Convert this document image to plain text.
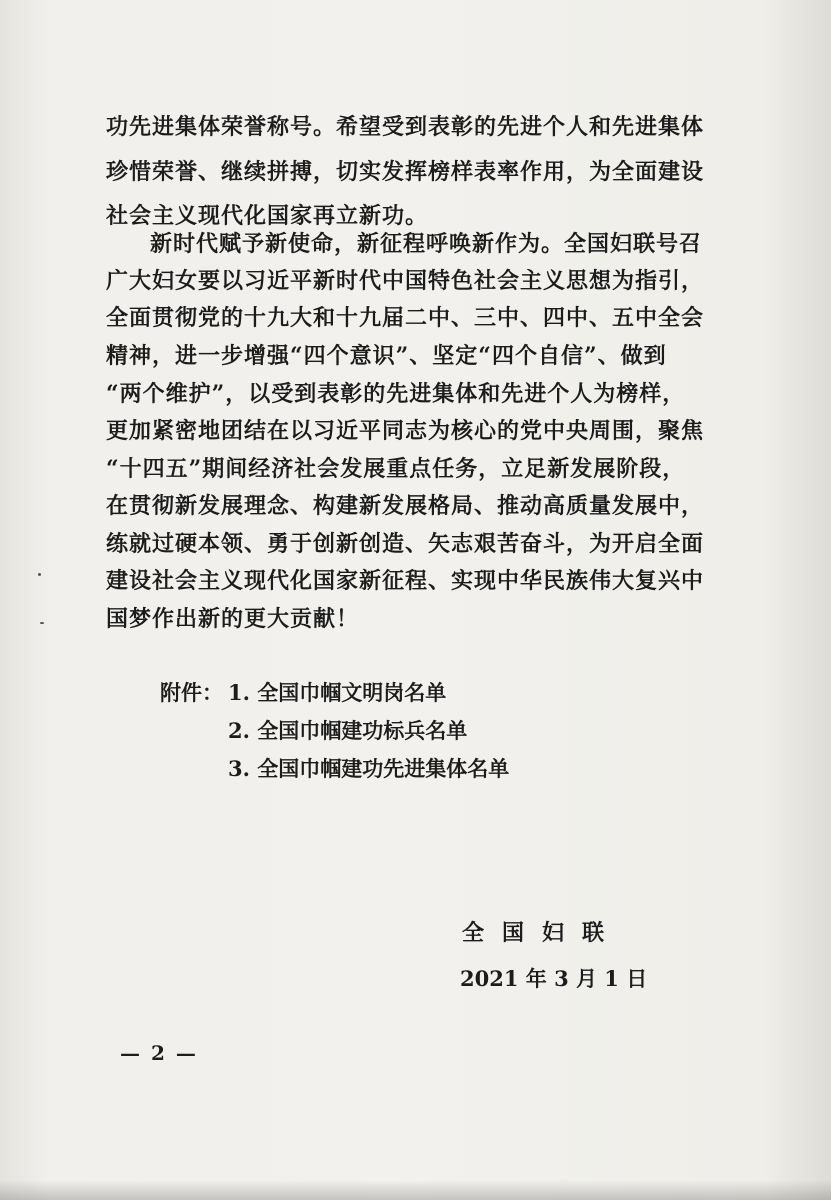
功先进集体荣誉称号。希望受到表彰的先进个人和先进集体
珍惜荣誉、继续拼搏，切实发挥榜样表率作用，为全面建设
社会主义现代化国家再立新功。
新时代赋予新使命，新征程呼唤新作为。全国妇联号召
广大妇女要以习近平新时代中国特色社会主义思想为指引，
全面贯彻党的十九大和十九届二中、三中、四中、五中全会
精神，进一步增强“四个意识”、坚定“四个自信”、做到
“两个维护”，以受到表彰的先进集体和先进个人为榜样，
更加紧密地团结在以习近平同志为核心的党中央周围，聚焦
“十四五”期间经济社会发展重点任务，立足新发展阶段，
在贯彻新发展理念、构建新发展格局、推动高质量发展中，
练就过硬本领、勇于创新创造、矢志艰苦奋斗，为开启全面
建设社会主义现代化国家新征程、实现中华民族伟大复兴中
国梦作出新的更大贡献！
附件： 1. 全国巾帼文明岗名单
2. 全国巾帼建功标兵名单
3. 全国巾帼建功先进集体名单
全国妇联
2021 年 3 月 1 日
— 2 —
